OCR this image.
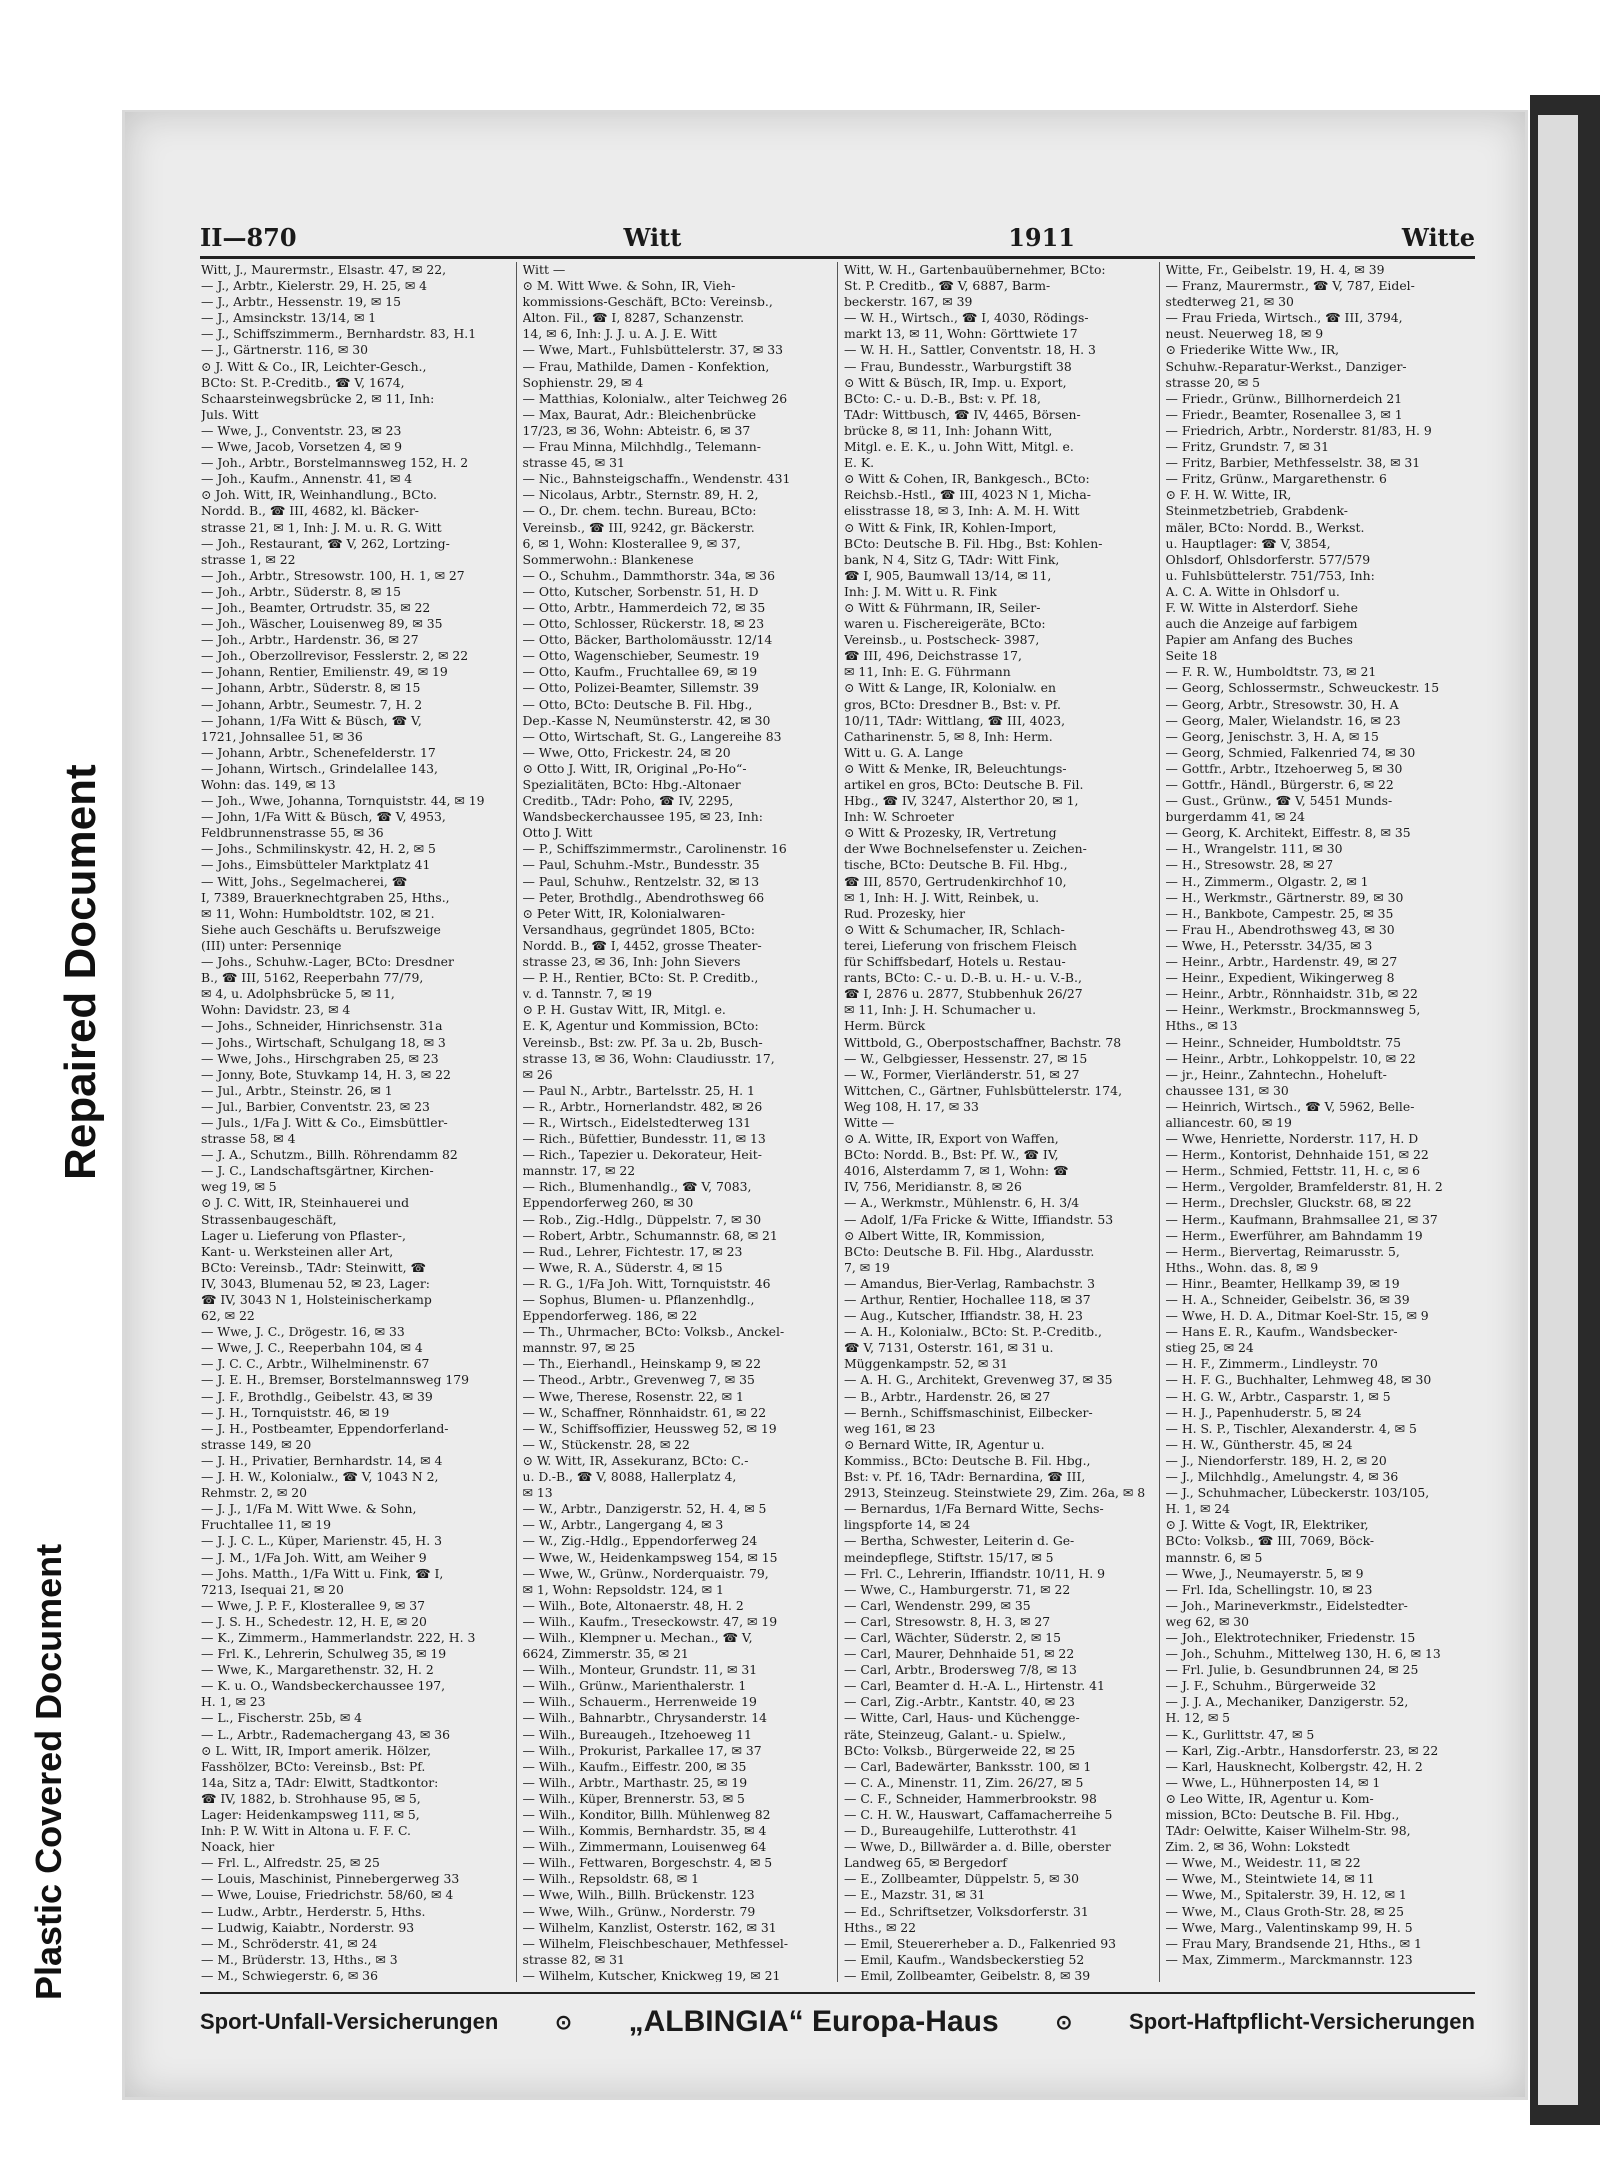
Plastic Covered Document
Repaired Document
II—870	Witt	1911	Witte

Witt, J., Maurermstr., Elsastr. 47, ✉ 22,

— J., Arbtr., Kielerstr. 29, H. 25, ✉ 4

— J., Arbtr., Hessenstr. 19, ✉ 15

— J., Amsinckstr. 13/14, ✉ 1

— J., Schiffszimmerm., Bernhardstr. 83, H.1

— J., Gärtnerstr. 116, ✉ 30

⊙ J. Witt & Co., IR, Leichter-Gesch.,

BCto: St. P.-Creditb., ☎ V, 1674,

Schaarsteinwegsbrücke 2, ✉ 11, Inh:

Juls. Witt

— Wwe, J., Conventstr. 23, ✉ 23

— Wwe, Jacob, Vorsetzen 4, ✉ 9

— Joh., Arbtr., Borstelmannsweg 152, H. 2

— Joh., Kaufm., Annenstr. 41, ✉ 4

⊙ Joh. Witt, IR, Weinhandlung., BCto.

Nordd. B., ☎ III, 4682, kl. Bäcker-

strasse 21, ✉ 1, Inh: J. M. u. R. G. Witt

— Joh., Restaurant, ☎ V, 262, Lortzing-

strasse 1, ✉ 22

— Joh., Arbtr., Stresowstr. 100, H. 1, ✉ 27

— Joh., Arbtr., Süderstr. 8, ✉ 15

— Joh., Beamter, Ortrudstr. 35, ✉ 22

— Joh., Wäscher, Louisenweg 89, ✉ 35

— Joh., Arbtr., Hardenstr. 36, ✉ 27

— Joh., Oberzollrevisor, Fesslerstr. 2, ✉ 22

— Johann, Rentier, Emilienstr. 49, ✉ 19

— Johann, Arbtr., Süderstr. 8, ✉ 15

— Johann, Arbtr., Seumestr. 7, H. 2

— Johann, 1/Fa Witt & Büsch, ☎ V,

1721, Johnsallee 51, ✉ 36

— Johann, Arbtr., Schenefelderstr. 17

— Johann, Wirtsch., Grindelallee 143,

Wohn: das. 149, ✉ 13

— Joh., Wwe, Johanna, Tornquiststr. 44, ✉ 19

— John, 1/Fa Witt & Büsch, ☎ V, 4953,

Feldbrunnenstrasse 55, ✉ 36

— Johs., Schmilinskystr. 42, H. 2, ✉ 5

— Johs., Eimsbütteler Marktplatz 41

— Witt, Johs., Segelmacherei, ☎

I, 7389, Brauerknechtgraben 25, Hths.,

✉ 11, Wohn: Humboldtstr. 102, ✉ 21.

Siehe auch Geschäfts u. Berufszweige

(III) unter: Persenniqe

— Johs., Schuhw.-Lager, BCto: Dresdner

B., ☎ III, 5162, Reeperbahn 77/79,

✉ 4, u. Adolphsbrücke 5, ✉ 11,

Wohn: Davidstr. 23, ✉ 4

— Johs., Schneider, Hinrichsenstr. 31a

— Johs., Wirtschaft, Schulgang 18, ✉ 3

— Wwe, Johs., Hirschgraben 25, ✉ 23

— Jonny, Bote, Stuvkamp 14, H. 3, ✉ 22

— Jul., Arbtr., Steinstr. 26, ✉ 1

— Jul., Barbier, Conventstr. 23, ✉ 23

— Juls., 1/Fa J. Witt & Co., Eimsbüttler-

strasse 58, ✉ 4

— J. A., Schutzm., Billh. Röhrendamm 82

— J. C., Landschaftsgärtner, Kirchen-

weg 19, ✉ 5

⊙ J. C. Witt, IR, Steinhauerei und

Strassenbaugeschäft,

Lager u. Lieferung von Pflaster-,

Kant- u. Werksteinen aller Art,

BCto: Vereinsb., TAdr: Steinwitt, ☎

IV, 3043, Blumenau 52, ✉ 23, Lager:

☎ IV, 3043 N 1, Holsteinischerkamp

62, ✉ 22

— Wwe, J. C., Drögestr. 16, ✉ 33

— Wwe, J. C., Reeperbahn 104, ✉ 4

— J. C. C., Arbtr., Wilhelminenstr. 67

— J. E. H., Bremser, Borstelmannsweg 179

— J. F., Brothdlg., Geibelstr. 43, ✉ 39

— J. H., Tornquiststr. 46, ✉ 19

— J. H., Postbeamter, Eppendorferland-

strasse 149, ✉ 20

— J. H., Privatier, Bernhardstr. 14, ✉ 4

— J. H. W., Kolonialw., ☎ V, 1043 N 2,

Rehmstr. 2, ✉ 20

— J. J., 1/Fa M. Witt Wwe. & Sohn,

Fruchtallee 11, ✉ 19

— J. J. C. L., Küper, Marienstr. 45, H. 3

— J. M., 1/Fa Joh. Witt, am Weiher 9

— Johs. Matth., 1/Fa Witt u. Fink, ☎ I,

7213, Isequai 21, ✉ 20

— Wwe, J. P. F., Klosterallee 9, ✉ 37

— J. S. H., Schedestr. 12, H. E, ✉ 20

— K., Zimmerm., Hammerlandstr. 222, H. 3

— Frl. K., Lehrerin, Schulweg 35, ✉ 19

— Wwe, K., Margarethenstr. 32, H. 2

— K. u. O., Wandsbeckerchaussee 197,

H. 1, ✉ 23

— L., Fischerstr. 25b, ✉ 4

— L., Arbtr., Rademachergang 43, ✉ 36

⊙ L. Witt, IR, Import amerik. Hölzer,

Fasshölzer, BCto: Vereinsb., Bst: Pf.

14a, Sitz a, TAdr: Elwitt, Stadtkontor:

☎ IV, 1882, b. Strohhause 95, ✉ 5,

Lager: Heidenkampsweg 111, ✉ 5,

Inh: P. W. Witt in Altona u. F. F. C.

Noack, hier

— Frl. L., Alfredstr. 25, ✉ 25

— Louis, Maschinist, Pinnebergerweg 33

— Wwe, Louise, Friedrichstr. 58/60, ✉ 4

— Ludw., Arbtr., Herderstr. 5, Hths.

— Ludwig, Kaiabtr., Norderstr. 93

— M., Schröderstr. 41, ✉ 24

— M., Brüderstr. 13, Hths., ✉ 3

— M., Schwiegerstr. 6, ✉ 36

Witt —

⊙ M. Witt Wwe. & Sohn, IR, Vieh-

kommissions-Geschäft, BCto: Vereinsb.,

Alton. Fil., ☎ I, 8287, Schanzenstr.

14, ✉ 6, Inh: J. J. u. A. J. E. Witt

— Wwe, Mart., Fuhlsbüttelerstr. 37, ✉ 33

— Frau, Mathilde, Damen - Konfektion,

Sophienstr. 29, ✉ 4

— Matthias, Kolonialw., alter Teichweg 26

— Max, Baurat, Adr.: Bleichenbrücke

17/23, ✉ 36, Wohn: Abteistr. 6, ✉ 37

— Frau Minna, Milchhdlg., Telemann-

strasse 45, ✉ 31

— Nic., Bahnsteigschaffn., Wendenstr. 431

— Nicolaus, Arbtr., Sternstr. 89, H. 2,

— O., Dr. chem. techn. Bureau, BCto:

Vereinsb., ☎ III, 9242, gr. Bäckerstr.

6, ✉ 1, Wohn: Klosterallee 9, ✉ 37,

Sommerwohn.: Blankenese

— O., Schuhm., Dammthorstr. 34a, ✉ 36

— Otto, Kutscher, Sorbenstr. 51, H. D

— Otto, Arbtr., Hammerdeich 72, ✉ 35

— Otto, Schlosser, Rückerstr. 18, ✉ 23

— Otto, Bäcker, Bartholomäusstr. 12/14

— Otto, Wagenschieber, Seumestr. 19

— Otto, Kaufm., Fruchtallee 69, ✉ 19

— Otto, Polizei-Beamter, Sillemstr. 39

— Otto, BCto: Deutsche B. Fil. Hbg.,

Dep.-Kasse N, Neumünsterstr. 42, ✉ 30

— Otto, Wirtschaft, St. G., Langereihe 83

— Wwe, Otto, Frickestr. 24, ✉ 20

⊙ Otto J. Witt, IR, Original „Po-Ho“-

Spezialitäten, BCto: Hbg.-Altonaer

Creditb., TAdr: Poho, ☎ IV, 2295,

Wandsbeckerchaussee 195, ✉ 23, Inh:

Otto J. Witt

— P., Schiffszimmermstr., Carolinenstr. 16

— Paul, Schuhm.-Mstr., Bundesstr. 35

— Paul, Schuhw., Rentzelstr. 32, ✉ 13

— Peter, Brothdlg., Abendrothsweg 66

⊙ Peter Witt, IR, Kolonialwaren-

Versandhaus, gegründet 1805, BCto:

Nordd. B., ☎ I, 4452, grosse Theater-

strasse 23, ✉ 36, Inh: John Sievers

— P. H., Rentier, BCto: St. P. Creditb.,

v. d. Tannstr. 7, ✉ 19

⊙ P. H. Gustav Witt, IR, Mitgl. e.

E. K, Agentur und Kommission, BCto:

Vereinsb., Bst: zw. Pf. 3a u. 2b, Busch-

strasse 13, ✉ 36, Wohn: Claudiusstr. 17,

✉ 26

— Paul N., Arbtr., Bartelsstr. 25, H. 1

— R., Arbtr., Hornerlandstr. 482, ✉ 26

— R., Wirtsch., Eidelstedterweg 131

— Rich., Büfettier, Bundesstr. 11, ✉ 13

— Rich., Tapezier u. Dekorateur, Heit-

mannstr. 17, ✉ 22

— Rich., Blumenhandlg., ☎ V, 7083,

Eppendorferweg 260, ✉ 30

— Rob., Zig.-Hdlg., Düppelstr. 7, ✉ 30

— Robert, Arbtr., Schumannstr. 68, ✉ 21

— Rud., Lehrer, Fichtestr. 17, ✉ 23

— Wwe, R. A., Süderstr. 4, ✉ 15

— R. G., 1/Fa Joh. Witt, Tornquiststr. 46

— Sophus, Blumen- u. Pflanzenhdlg.,

Eppendorferweg. 186, ✉ 22

— Th., Uhrmacher, BCto: Volksb., Anckel-

mannstr. 97, ✉ 25

— Th., Eierhandl., Heinskamp 9, ✉ 22

— Theod., Arbtr., Grevenweg 7, ✉ 35

— Wwe, Therese, Rosenstr. 22, ✉ 1

— W., Schaffner, Rönnhaidstr. 61, ✉ 22

— W., Schiffsoffizier, Heussweg 52, ✉ 19

— W., Stückenstr. 28, ✉ 22

⊙ W. Witt, IR, Assekuranz, BCto: C.-

u. D.-B., ☎ V, 8088, Hallerplatz 4,

✉ 13

— W., Arbtr., Danzigerstr. 52, H. 4, ✉ 5

— W., Arbtr., Langergang 4, ✉ 3

— W., Zig.-Hdlg., Eppendorferweg 24

— Wwe, W., Heidenkampsweg 154, ✉ 15

— Wwe, W., Grünw., Norderquaistr. 79,

✉ 1, Wohn: Repsoldstr. 124, ✉ 1

— Wilh., Bote, Altonaerstr. 48, H. 2

— Wilh., Kaufm., Treseckowstr. 47, ✉ 19

— Wilh., Klempner u. Mechan., ☎ V,

6624, Zimmerstr. 35, ✉ 21

— Wilh., Monteur, Grundstr. 11, ✉ 31

— Wilh., Grünw., Marienthalerstr. 1

— Wilh., Schauerm., Herrenweide 19

— Wilh., Bahnarbtr., Chrysanderstr. 14

— Wilh., Bureaugeh., Itzehoeweg 11

— Wilh., Prokurist, Parkallee 17, ✉ 37

— Wilh., Kaufm., Eiffestr. 200, ✉ 35

— Wilh., Arbtr., Marthastr. 25, ✉ 19

— Wilh., Küper, Brennerstr. 53, ✉ 5

— Wilh., Konditor, Billh. Mühlenweg 82

— Wilh., Kommis, Bernhardstr. 35, ✉ 4

— Wilh., Zimmermann, Louisenweg 64

— Wilh., Fettwaren, Borgeschstr. 4, ✉ 5

— Wilh., Repsoldstr. 68, ✉ 1

— Wwe, Wilh., Billh. Brückenstr. 123

— Wwe, Wilh., Grünw., Norderstr. 79

— Wilhelm, Kanzlist, Osterstr. 162, ✉ 31

— Wilhelm, Fleischbeschauer, Methfessel-

strasse 82, ✉ 31

— Wilhelm, Kutscher, Knickweg 19, ✉ 21

Witt, W. H., Gartenbauübernehmer, BCto:

St. P. Creditb., ☎ V, 6887, Barm-

beckerstr. 167, ✉ 39

— W. H., Wirtsch., ☎ I, 4030, Rödings-

markt 13, ✉ 11, Wohn: Görttwiete 17

— W. H. H., Sattler, Conventstr. 18, H. 3

— Frau, Bundesstr., Warburgstift 38

⊙ Witt & Büsch, IR, Imp. u. Export,

BCto: C.- u. D.-B., Bst: v. Pf. 18,

TAdr: Wittbusch, ☎ IV, 4465, Börsen-

brücke 8, ✉ 11, Inh: Johann Witt,

Mitgl. e. E. K., u. John Witt, Mitgl. e.

E. K.

⊙ Witt & Cohen, IR, Bankgesch., BCto:

Reichsb.-Hstl., ☎ III, 4023 N 1, Micha-

elisstrasse 18, ✉ 3, Inh: A. M. H. Witt

⊙ Witt & Fink, IR, Kohlen-Import,

BCto: Deutsche B. Fil. Hbg., Bst: Kohlen-

bank, N 4, Sitz G, TAdr: Witt Fink,

☎ I, 905, Baumwall 13/14, ✉ 11,

Inh: J. M. Witt u. R. Fink

⊙ Witt & Führmann, IR, Seiler-

waren u. Fischereigeräte, BCto:

Vereinsb., u. Postscheck- 3987,

☎ III, 496, Deichstrasse 17,

✉ 11, Inh: E. G. Führmann

⊙ Witt & Lange, IR, Kolonialw. en

gros, BCto: Dresdner B., Bst: v. Pf.

10/11, TAdr: Wittlang, ☎ III, 4023,

Catharinenstr. 5, ✉ 8, Inh: Herm.

Witt u. G. A. Lange

⊙ Witt & Menke, IR, Beleuchtungs-

artikel en gros, BCto: Deutsche B. Fil.

Hbg., ☎ IV, 3247, Alsterthor 20, ✉ 1,

Inh: W. Schroeter

⊙ Witt & Prozesky, IR, Vertretung

der Wwe Bochnelsefenster u. Zeichen-

tische, BCto: Deutsche B. Fil. Hbg.,

☎ III, 8570, Gertrudenkirchhof 10,

✉ 1, Inh: H. J. Witt, Reinbek, u.

Rud. Prozesky, hier

⊙ Witt & Schumacher, IR, Schlach-

terei, Lieferung von frischem Fleisch

für Schiffsbedarf, Hotels u. Restau-

rants, BCto: C.- u. D.-B. u. H.- u. V.-B.,

☎ I, 2876 u. 2877, Stubbenhuk 26/27

✉ 11, Inh: J. H. Schumacher u.

Herm. Bürck

Wittbold, G., Oberpostschaffner, Bachstr. 78

— W., Gelbgiesser, Hessenstr. 27, ✉ 15

— W., Former, Vierländerstr. 51, ✉ 27

Wittchen, C., Gärtner, Fuhlsbüttelerstr. 174,

Weg 108, H. 17, ✉ 33

Witte —

⊙ A. Witte, IR, Export von Waffen,

BCto: Nordd. B., Bst: Pf. W., ☎ IV,

4016, Alsterdamm 7, ✉ 1, Wohn: ☎

IV, 756, Meridianstr. 8, ✉ 26

— A., Werkmstr., Mühlenstr. 6, H. 3/4

— Adolf, 1/Fa Fricke & Witte, Iffiandstr. 53

⊙ Albert Witte, IR, Kommission,

BCto: Deutsche B. Fil. Hbg., Alardusstr.

7, ✉ 19

— Amandus, Bier-Verlag, Rambachstr. 3

— Arthur, Rentier, Hochallee 118, ✉ 37

— Aug., Kutscher, Iffiandstr. 38, H. 23

— A. H., Kolonialw., BCto: St. P.-Creditb.,

☎ V, 7131, Osterstr. 161, ✉ 31 u.

Müggenkampstr. 52, ✉ 31

— A. H. G., Architekt, Grevenweg 37, ✉ 35

— B., Arbtr., Hardenstr. 26, ✉ 27

— Bernh., Schiffsmaschinist, Eilbecker-

weg 161, ✉ 23

⊙ Bernard Witte, IR, Agentur u.

Kommiss., BCto: Deutsche B. Fil. Hbg.,

Bst: v. Pf. 16, TAdr: Bernardina, ☎ III,

2913, Steinzeug. Steinstwiete 29, Zim. 26a, ✉ 8

— Bernardus, 1/Fa Bernard Witte, Sechs-

lingspforte 14, ✉ 24

— Bertha, Schwester, Leiterin d. Ge-

meindepflege, Stiftstr. 15/17, ✉ 5

— Frl. C., Lehrerin, Iffiandstr. 10/11, H. 9

— Wwe, C., Hamburgerstr. 71, ✉ 22

— Carl, Wendenstr. 299, ✉ 35

— Carl, Stresowstr. 8, H. 3, ✉ 27

— Carl, Wächter, Süderstr. 2, ✉ 15

— Carl, Maurer, Dehnhaide 51, ✉ 22

— Carl, Arbtr., Brodersweg 7/8, ✉ 13

— Carl, Beamter d. H.-A. L., Hirtenstr. 41

— Carl, Zig.-Arbtr., Kantstr. 40, ✉ 23

— Witte, Carl, Haus- und Küchengge-

räte, Steinzeug, Galant.- u. Spielw.,

BCto: Volksb., Bürgerweide 22, ✉ 25

— Carl, Badewärter, Banksstr. 100, ✉ 1

— C. A., Minenstr. 11, Zim. 26/27, ✉ 5

— C. F., Schneider, Hammerbrookstr. 98

— C. H. W., Hauswart, Caffamacherreihe 5

— D., Bureaugehilfe, Lutterothstr. 41

— Wwe, D., Billwärder a. d. Bille, oberster

Landweg 65, ✉ Bergedorf

— E., Zollbeamter, Düppelstr. 5, ✉ 30

— E., Mazstr. 31, ✉ 31

— Ed., Schriftsetzer, Volksdorferstr. 31

Hths., ✉ 22

— Emil, Steuererheber a. D., Falkenried 93

— Emil, Kaufm., Wandsbeckerstieg 52

— Emil, Zollbeamter, Geibelstr. 8, ✉ 39

Witte, Fr., Geibelstr. 19, H. 4, ✉ 39

— Franz, Maurermstr., ☎ V, 787, Eidel-

stedterweg 21, ✉ 30

— Frau Frieda, Wirtsch., ☎ III, 3794,

neust. Neuerweg 18, ✉ 9

⊙ Friederike Witte Ww., IR,

Schuhw.-Reparatur-Werkst., Danziger-

strasse 20, ✉ 5

— Friedr., Grünw., Billhornerdeich 21

— Friedr., Beamter, Rosenallee 3, ✉ 1

— Friedrich, Arbtr., Norderstr. 81/83, H. 9

— Fritz, Grundstr. 7, ✉ 31

— Fritz, Barbier, Methfesselstr. 38, ✉ 31

— Fritz, Grünw., Margarethenstr. 6

⊙ F. H. W. Witte, IR,

Steinmetzbetrieb, Grabdenk-

mäler, BCto: Nordd. B., Werkst.

u. Hauptlager: ☎ V, 3854,

Ohlsdorf, Ohlsdorferstr. 577/579

u. Fuhlsbüttelerstr. 751/753, Inh:

A. C. A. Witte in Ohlsdorf u.

F. W. Witte in Alsterdorf. Siehe

auch die Anzeige auf farbigem

Papier am Anfang des Buches

Seite 18

— F. R. W., Humboldtstr. 73, ✉ 21

— Georg, Schlossermstr., Schweuckestr. 15

— Georg, Arbtr., Stresowstr. 30, H. A

— Georg, Maler, Wielandstr. 16, ✉ 23

— Georg, Jenischstr. 3, H. A, ✉ 15

— Georg, Schmied, Falkenried 74, ✉ 30

— Gottfr., Arbtr., Itzehoerweg 5, ✉ 30

— Gottfr., Händl., Bürgerstr. 6, ✉ 22

— Gust., Grünw., ☎ V, 5451 Munds-

burgerdamm 41, ✉ 24

— Georg, K. Architekt, Eiffestr. 8, ✉ 35

— H., Wrangelstr. 111, ✉ 30

— H., Stresowstr. 28, ✉ 27

— H., Zimmerm., Olgastr. 2, ✉ 1

— H., Werkmstr., Gärtnerstr. 89, ✉ 30

— H., Bankbote, Campestr. 25, ✉ 35

— Frau H., Abendrothsweg 43, ✉ 30

— Wwe, H., Petersstr. 34/35, ✉ 3

— Heinr., Arbtr., Hardenstr. 49, ✉ 27

— Heinr., Expedient, Wikingerweg 8

— Heinr., Arbtr., Rönnhaidstr. 31b, ✉ 22

— Heinr., Werkmstr., Brockmannsweg 5,

Hths., ✉ 13

— Heinr., Schneider, Humboldtstr. 75

— Heinr., Arbtr., Lohkoppelstr. 10, ✉ 22

— jr., Heinr., Zahntechn., Hoheluft-

chaussee 131, ✉ 30

— Heinrich, Wirtsch., ☎ V, 5962, Belle-

alliancestr. 60, ✉ 19

— Wwe, Henriette, Norderstr. 117, H. D

— Herm., Kontorist, Dehnhaide 151, ✉ 22

— Herm., Schmied, Fettstr. 11, H. c, ✉ 6

— Herm., Vergolder, Bramfelderstr. 81, H. 2

— Herm., Drechsler, Gluckstr. 68, ✉ 22

— Herm., Kaufmann, Brahmsallee 21, ✉ 37

— Herm., Ewerführer, am Bahndamm 19

— Herm., Biervertag, Reimarusstr. 5,

Hths., Wohn. das. 8, ✉ 9

— Hinr., Beamter, Hellkamp 39, ✉ 19

— H. A., Schneider, Geibelstr. 36, ✉ 39

— Wwe, H. D. A., Ditmar Koel-Str. 15, ✉ 9

— Hans E. R., Kaufm., Wandsbecker-

stieg 25, ✉ 24

— H. F., Zimmerm., Lindleystr. 70

— H. F. G., Buchhalter, Lehmweg 48, ✉ 30

— H. G. W., Arbtr., Casparstr. 1, ✉ 5

— H. J., Papenhuderstr. 5, ✉ 24

— H. S. P., Tischler, Alexanderstr. 4, ✉ 5

— H. W., Güntherstr. 45, ✉ 24

— J., Niendorferstr. 189, H. 2, ✉ 20

— J., Milchhdlg., Amelungstr. 4, ✉ 36

— J., Schuhmacher, Lübeckerstr. 103/105,

H. 1, ✉ 24

⊙ J. Witte & Vogt, IR, Elektriker,

BCto: Volksb., ☎ III, 7069, Böck-

mannstr. 6, ✉ 5

— Wwe, J., Neumayerstr. 5, ✉ 9

— Frl. Ida, Schellingstr. 10, ✉ 23

— Joh., Marineverkmstr., Eidelstedter-

weg 62, ✉ 30

— Joh., Elektrotechniker, Friedenstr. 15

— Joh., Schuhm., Mittelweg 130, H. 6, ✉ 13

— Frl. Julie, b. Gesundbrunnen 24, ✉ 25

— J. F., Schuhm., Bürgerweide 32

— J. J. A., Mechaniker, Danzigerstr. 52,

H. 12, ✉ 5

— K., Gurlittstr. 47, ✉ 5

— Karl, Zig.-Arbtr., Hansdorferstr. 23, ✉ 22

— Karl, Hausknecht, Kolbergstr. 42, H. 2

— Wwe, L., Hühnerposten 14, ✉ 1

⊙ Leo Witte, IR, Agentur u. Kom-

mission, BCto: Deutsche B. Fil. Hbg.,

TAdr: Oelwitte, Kaiser Wilhelm-Str. 98,

Zim. 2, ✉ 36, Wohn: Lokstedt

— Wwe, M., Weidestr. 11, ✉ 22

— Wwe, M., Steintwiete 14, ✉ 11

— Wwe, M., Spitalerstr. 39, H. 12, ✉ 1

— Wwe, M., Claus Groth-Str. 28, ✉ 25

— Wwe, Marg., Valentinskamp 99, H. 5

— Frau Mary, Brandsende 21, Hths., ✉ 1

— Max, Zimmerm., Marckmannstr. 123

Sport-Unfall-Versicherungen	⊙ „ALBINGIA“ Europa-Haus	⊙	Sport-Haftpflicht-Versicherungen
